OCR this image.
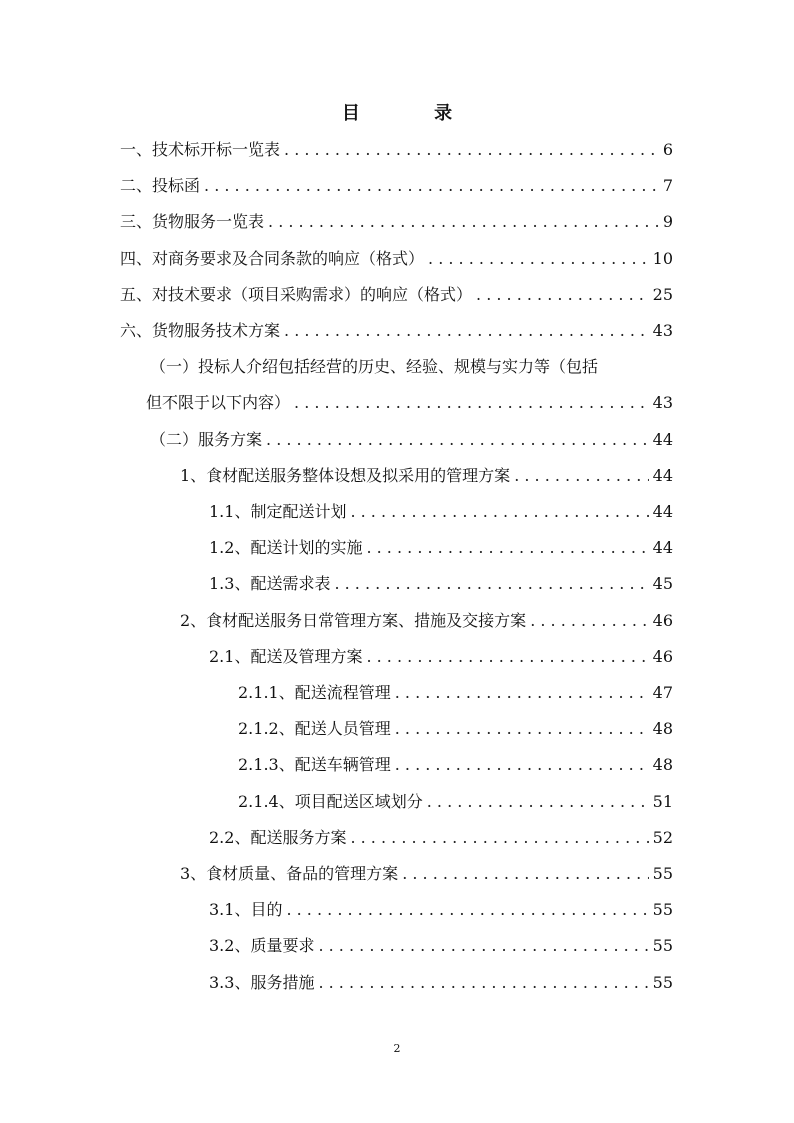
目 录
一、技术标开标一览表 . . .	6
二、投标函 . . .	7
三、货物服务一览表 . . .	9
四、对商务要求及合同条款的响应（格式） . . .	10
五、对技术要求（项目采购需求）的响应（格式） . . .	25
六、货物服务技术方案 . . .	43
（一）投标人介绍包括经营的历史、经验、规模与实力等（包括
但不限于以下内容） . . .	43
（二）服务方案 . . .	44
1、食材配送服务整体设想及拟采用的管理方案 . . .	44
1.1、制定配送计划 . . .	44
1.2、配送计划的实施 . . .	44
1.3、配送需求表 . . .	45
2、食材配送服务日常管理方案、措施及交接方案 . . .	46
2.1、配送及管理方案 . . .	46
2.1.1、配送流程管理 . . .	47
2.1.2、配送人员管理 . . .	48
2.1.3、配送车辆管理 . . .	48
2.1.4、项目配送区域划分 . . .	51
2.2、配送服务方案 . . .	52
3、食材质量、备品的管理方案 . . .	55
3.1、目的 . . .	55
3.2、质量要求 . . .	55
3.3、服务措施 . . .	55
2
